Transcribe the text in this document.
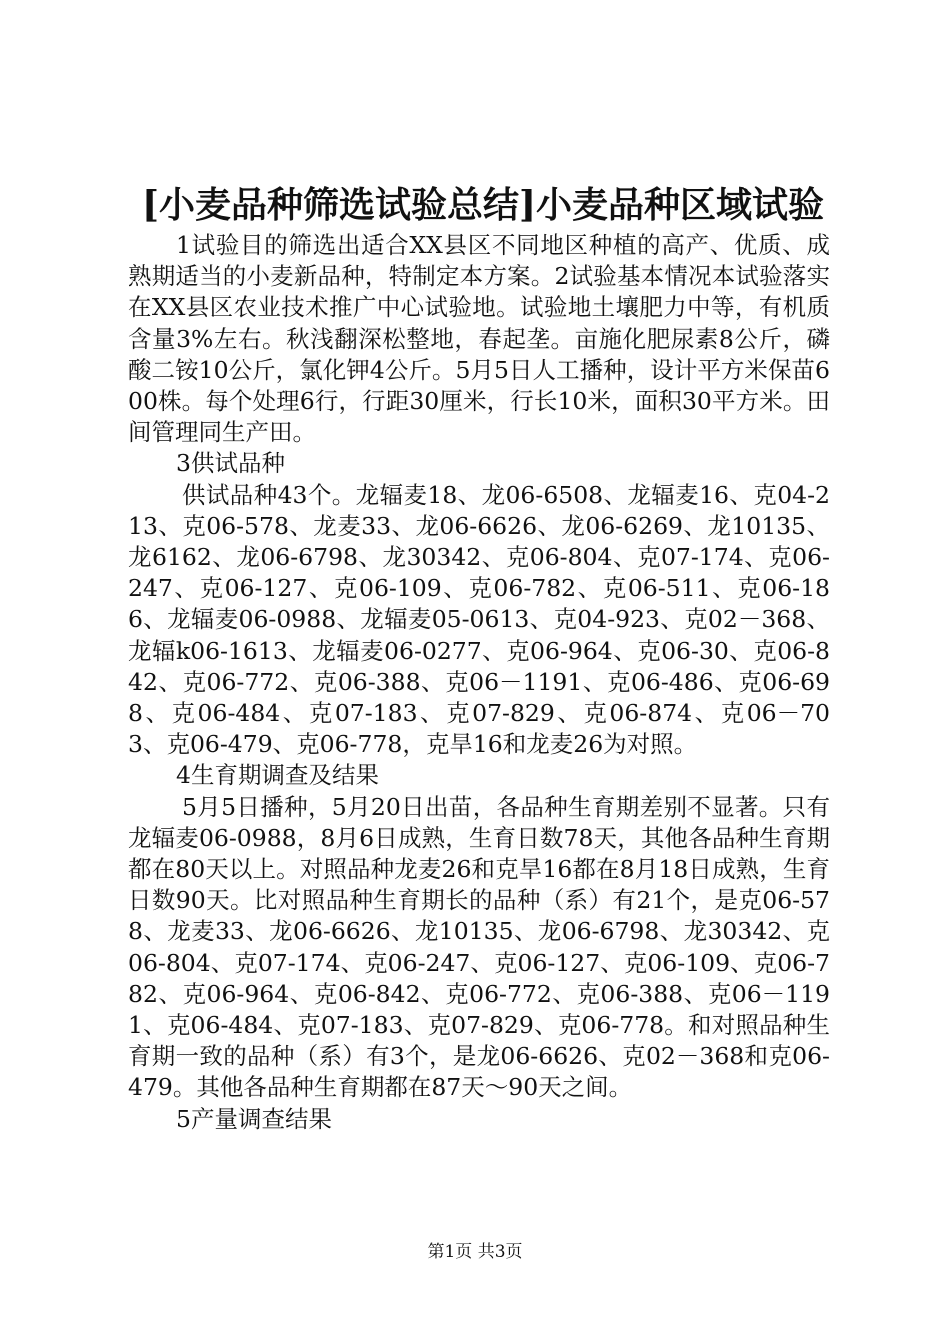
[小麦品种筛选试验总结]小麦品种区域试验

1试验目的筛选出适合XX县区不同地区种植的高产、优质、成熟期适当的小麦新品种，特制定本方案。2试验基本情况本试验落实在XX县区农业技术推广中心试验地。试验地土壤肥力中等，有机质含量3%左右。秋浅翻深松整地，春起垄。亩施化肥尿素8公斤，磷酸二铵10公斤，氯化钾4公斤。5月5日人工播种，设计平方米保苗600株。每个处理6行，行距30厘米，行长10米，面积30平方米。田间管理同生产田。

3供试品种

供试品种43个。龙辐麦18、龙06-6508、龙辐麦16、克04-213、克06-578、龙麦33、龙06-6626、龙06-6269、龙10135、龙6162、龙06-6798、龙30342、克06-804、克07-174、克06-247、克06-127、克06-109、克06-782、克06-511、克06-186、龙辐麦06-0988、龙辐麦05-0613、克04-923、克02－368、龙辐k06-1613、龙辐麦06-0277、克06-964、克06-30、克06-842、克06-772、克06-388、克06－1191、克06-486、克06-698、克06-484、克07-183、克07-829、克06-874、克06－703、克06-479、克06-778，克旱16和龙麦26为对照。

4生育期调查及结果

5月5日播种，5月20日出苗，各品种生育期差别不显著。只有龙辐麦06-0988，8月6日成熟，生育日数78天，其他各品种生育期都在80天以上。对照品种龙麦26和克旱16都在8月18日成熟，生育日数90天。比对照品种生育期长的品种（系）有21个，是克06-578、龙麦33、龙06-6626、龙10135、龙06-6798、龙30342、克06-804、克07-174、克06-247、克06-127、克06-109、克06-782、克06-964、克06-842、克06-772、克06-388、克06－1191、克06-484、克07-183、克07-829、克06-778。和对照品种生育期一致的品种（系）有3个，是龙06-6626、克02－368和克06-479。其他各品种生育期都在87天～90天之间。

5产量调查结果

第1页 共3页
